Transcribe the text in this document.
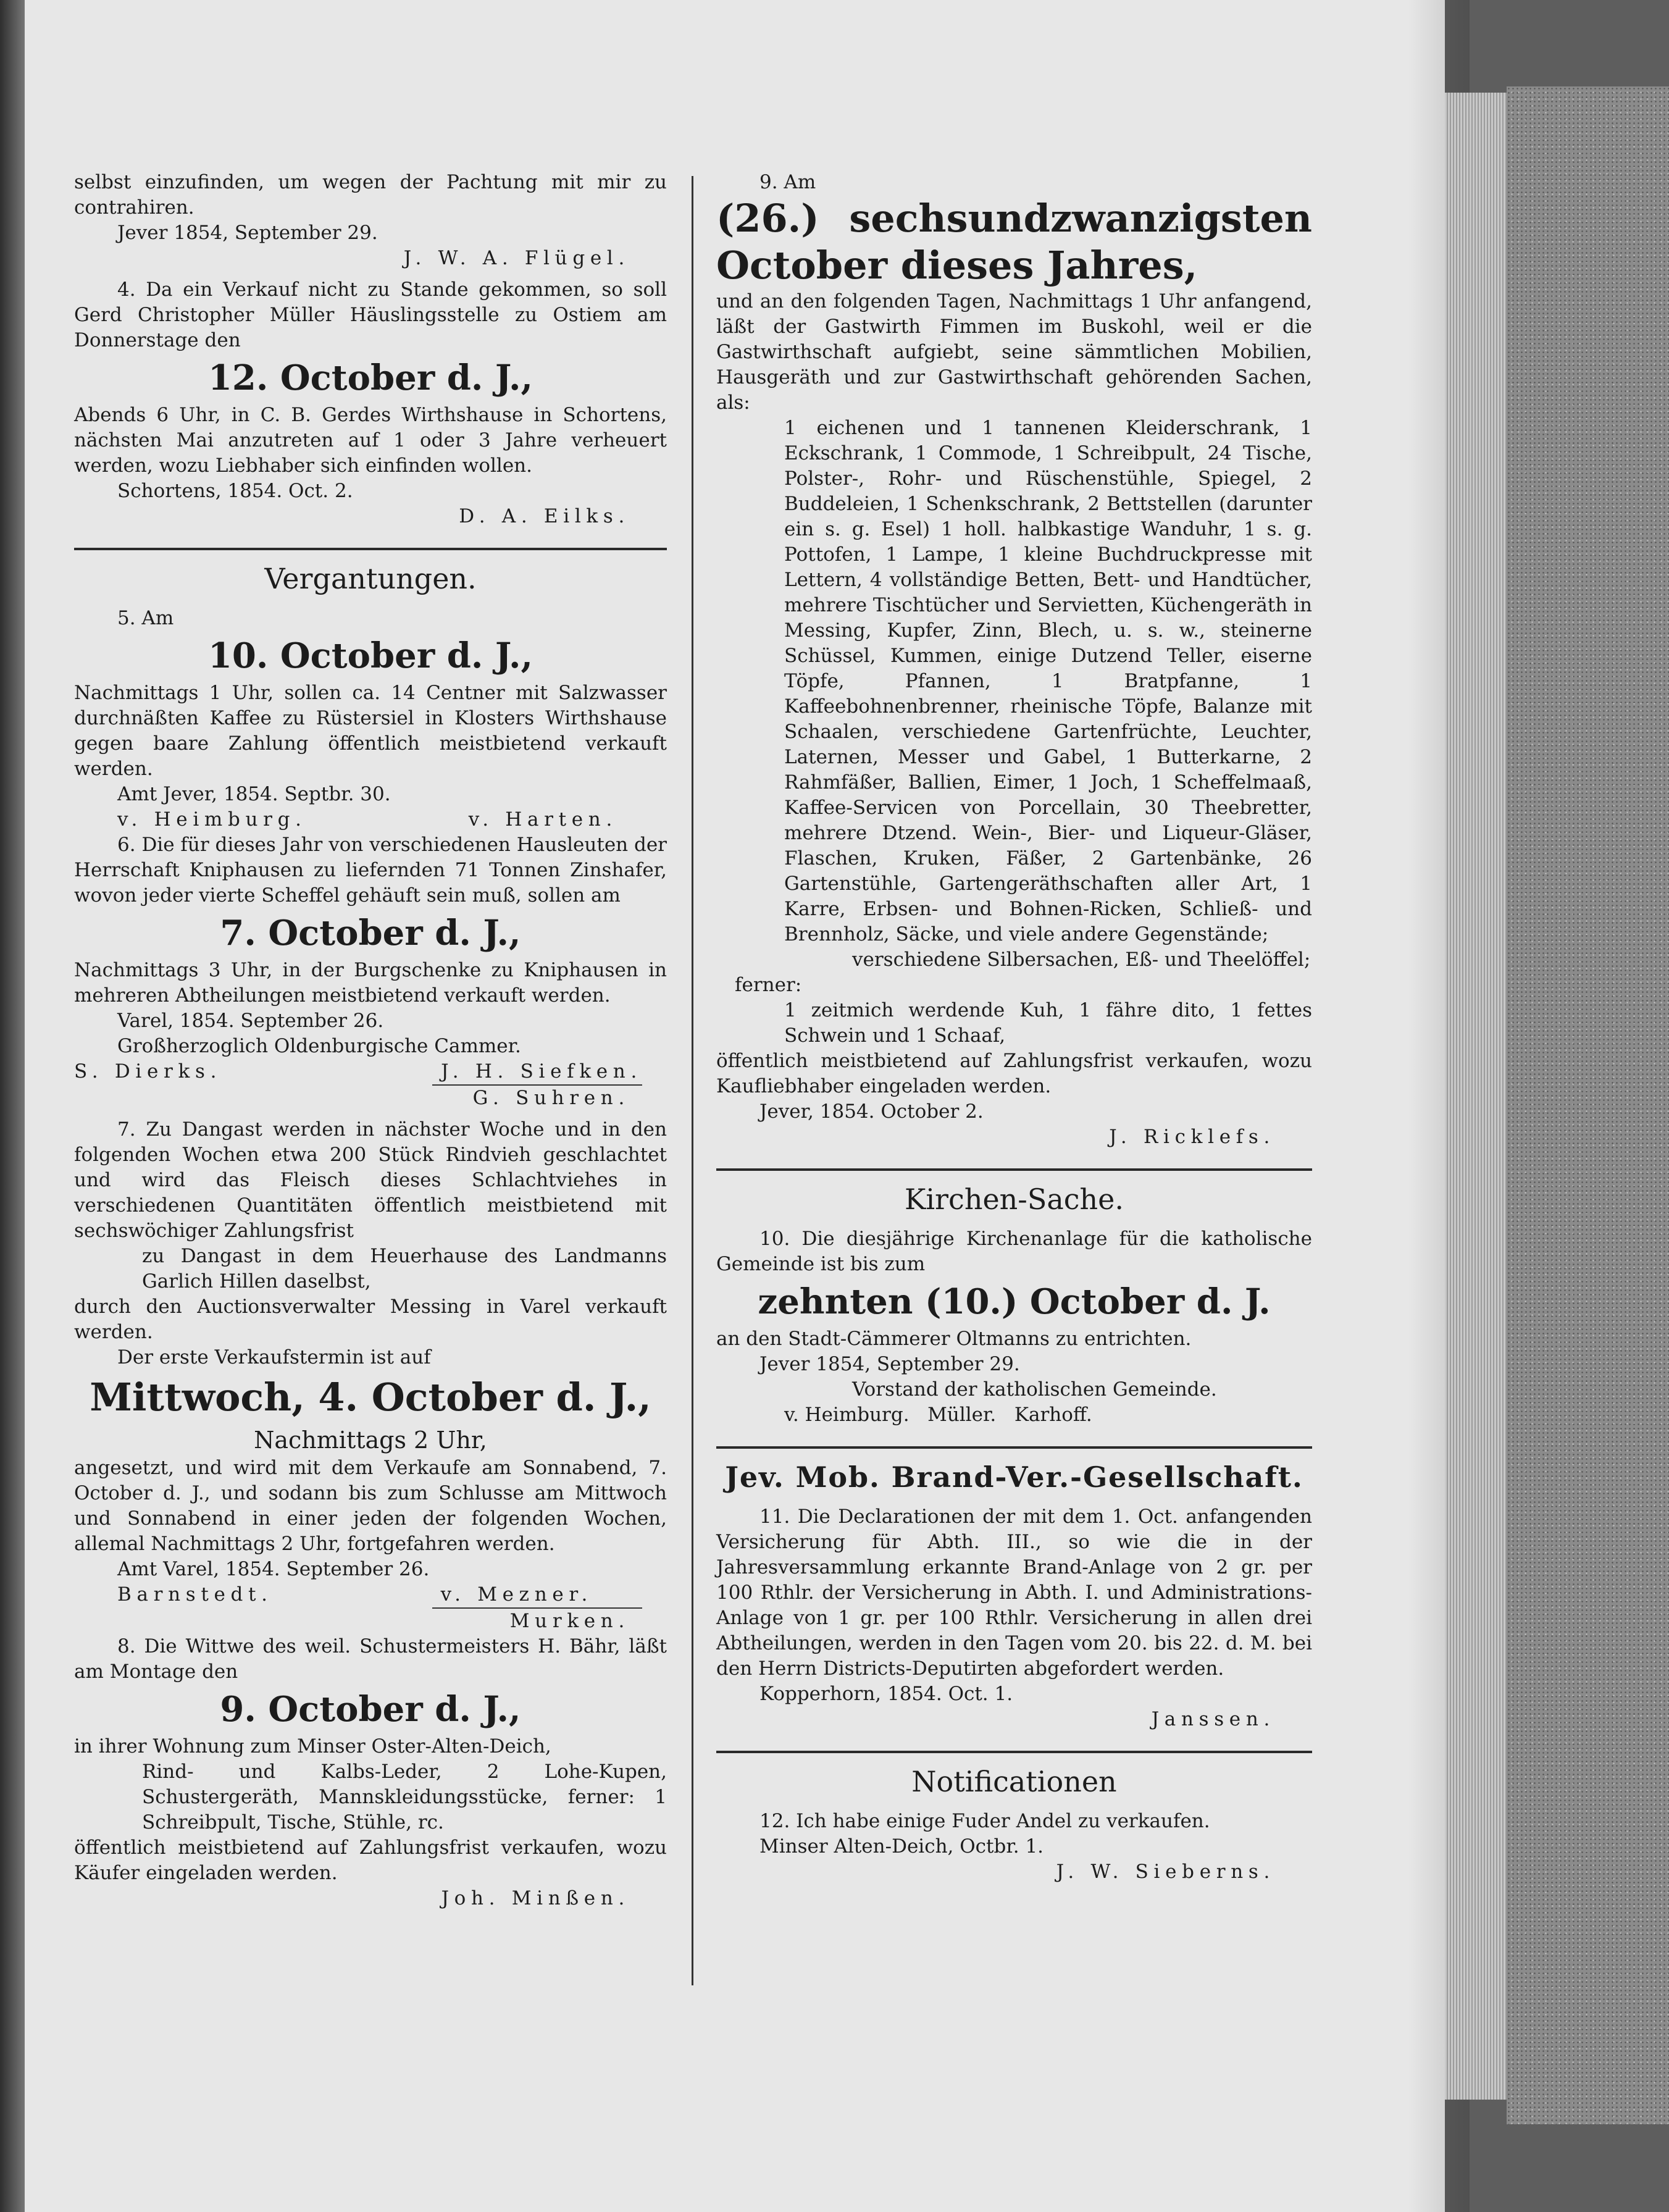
selbst einzufinden, um wegen der Pachtung mit mir zu contrahiren.

Jever 1854, September 29.

J. W. A. Flügel.

4. Da ein Verkauf nicht zu Stande gekommen, so soll Gerd Christopher Müller Häuslingsstelle zu Ostiem am Donnerstage den

12. October d. J.,

Abends 6 Uhr, in C. B. Gerdes Wirthshause in Schortens, nächsten Mai anzutreten auf 1 oder 3 Jahre verheuert werden, wozu Liebhaber sich einfinden wollen.

Schortens, 1854. Oct. 2.

D. A. Eilks.

Vergantungen.

5. Am

10. October d. J.,

Nachmittags 1 Uhr, sollen ca. 14 Centner mit Salzwasser durchnäßten Kaffee zu Rüstersiel in Klosters Wirthshause gegen baare Zahlung öffentlich meistbietend verkauft werden.

Amt Jever, 1854. Septbr. 30.

v. Heimburg.	v. Harten.

6. Die für dieses Jahr von verschiedenen Hausleuten der Herrschaft Kniphausen zu liefernden 71 Tonnen Zinshafer, wovon jeder vierte Scheffel gehäuft sein muß, sollen am

7. October d. J.,

Nachmittags 3 Uhr, in der Burgschenke zu Kniphausen in mehreren Abtheilungen meistbietend verkauft werden.

Varel, 1854. September 26.

Großherzoglich Oldenburgische Cammer.

S. Dierks.	J. H. Siefken.

G. Suhren.

7. Zu Dangast werden in nächster Woche und in den folgenden Wochen etwa 200 Stück Rindvieh geschlachtet und wird das Fleisch dieses Schlachtviehes in verschiedenen Quantitäten öffentlich meistbietend mit sechswöchiger Zahlungsfrist

zu Dangast in dem Heuerhause des Landmanns Garlich Hillen daselbst,

durch den Auctionsverwalter Messing in Varel verkauft werden.

Der erste Verkaufstermin ist auf

Mittwoch, 4. October d. J.,

Nachmittags 2 Uhr,

angesetzt, und wird mit dem Verkaufe am Sonnabend, 7. October d. J., und sodann bis zum Schlusse am Mittwoch und Sonnabend in einer jeden der folgenden Wochen, allemal Nachmittags 2 Uhr, fortgefahren werden.

Amt Varel, 1854. September 26.

Barnstedt.	v. Mezner.

Murken.

8. Die Wittwe des weil. Schustermeisters H. Bähr, läßt am Montage den

9. October d. J.,

in ihrer Wohnung zum Minser Oster-Alten-Deich,

Rind- und Kalbs-Leder, 2 Lohe-Kupen, Schustergeräth, Mannskleidungsstücke, ferner: 1 Schreibpult, Tische, Stühle, rc.

öffentlich meistbietend auf Zahlungsfrist verkaufen, wozu Käufer eingeladen werden.

Joh. Minßen.

9. Am

(26.) sechsundzwanzigsten October dieses Jahres,

und an den folgenden Tagen, Nachmittags 1 Uhr anfangend, läßt der Gastwirth Fimmen im Buskohl, weil er die Gastwirthschaft aufgiebt, seine sämmtlichen Mobilien, Hausgeräth und zur Gastwirthschaft gehörenden Sachen, als:

1 eichenen und 1 tannenen Kleiderschrank, 1 Eckschrank, 1 Commode, 1 Schreibpult, 24 Tische, Polster-, Rohr- und Rüschenstühle, Spiegel, 2 Buddeleien, 1 Schenkschrank, 2 Bettstellen (darunter ein s. g. Esel) 1 holl. halbkastige Wanduhr, 1 s. g. Pottofen, 1 Lampe, 1 kleine Buchdruckpresse mit Lettern, 4 vollständige Betten, Bett- und Handtücher, mehrere Tischtücher und Servietten, Küchengeräth in Messing, Kupfer, Zinn, Blech, u. s. w., steinerne Schüssel, Kummen, einige Dutzend Teller, eiserne Töpfe, Pfannen, 1 Bratpfanne, 1 Kaffeebohnenbrenner, rheinische Töpfe, Balanze mit Schaalen, verschiedene Gartenfrüchte, Leuchter, Laternen, Messer und Gabel, 1 Butterkarne, 2 Rahmfäßer, Ballien, Eimer, 1 Joch, 1 Scheffelmaaß, Kaffee-Servicen von Porcellain, 30 Theebretter, mehrere Dtzend. Wein-, Bier- und Liqueur-Gläser, Flaschen, Kruken, Fäßer, 2 Gartenbänke, 26 Gartenstühle, Gartengeräthschaften aller Art, 1 Karre, Erbsen- und Bohnen-Ricken, Schließ- und Brennholz, Säcke, und viele andere Gegenstände;

verschiedene Silbersachen, Eß- und Theelöffel;

ferner:

1 zeitmich werdende Kuh, 1 fähre dito, 1 fettes Schwein und 1 Schaaf,

öffentlich meistbietend auf Zahlungsfrist verkaufen, wozu Kaufliebhaber eingeladen werden.

Jever, 1854. October 2.

J. Ricklefs.

Kirchen-Sache.

10. Die diesjährige Kirchenanlage für die katholische Gemeinde ist bis zum

zehnten (10.) October d. J.

an den Stadt-Cämmerer Oltmanns zu entrichten.

Jever 1854, September 29.

Vorstand der katholischen Gemeinde.

v. Heimburg.   Müller.   Karhoff.

Jev. Mob. Brand-Ver.-Gesellschaft.

11. Die Declarationen der mit dem 1. Oct. anfangenden Versicherung für Abth. III., so wie die in der Jahresversammlung erkannte Brand-Anlage von 2 gr. per 100 Rthlr. der Versicherung in Abth. I. und Administrations-Anlage von 1 gr. per 100 Rthlr. Versicherung in allen drei Abtheilungen, werden in den Tagen vom 20. bis 22. d. M. bei den Herrn Districts-Deputirten abgefordert werden.

Kopperhorn, 1854. Oct. 1.

Janssen.

Notificationen

12. Ich habe einige Fuder Andel zu verkaufen.

Minser Alten-Deich, Octbr. 1.

J. W. Sieberns.
